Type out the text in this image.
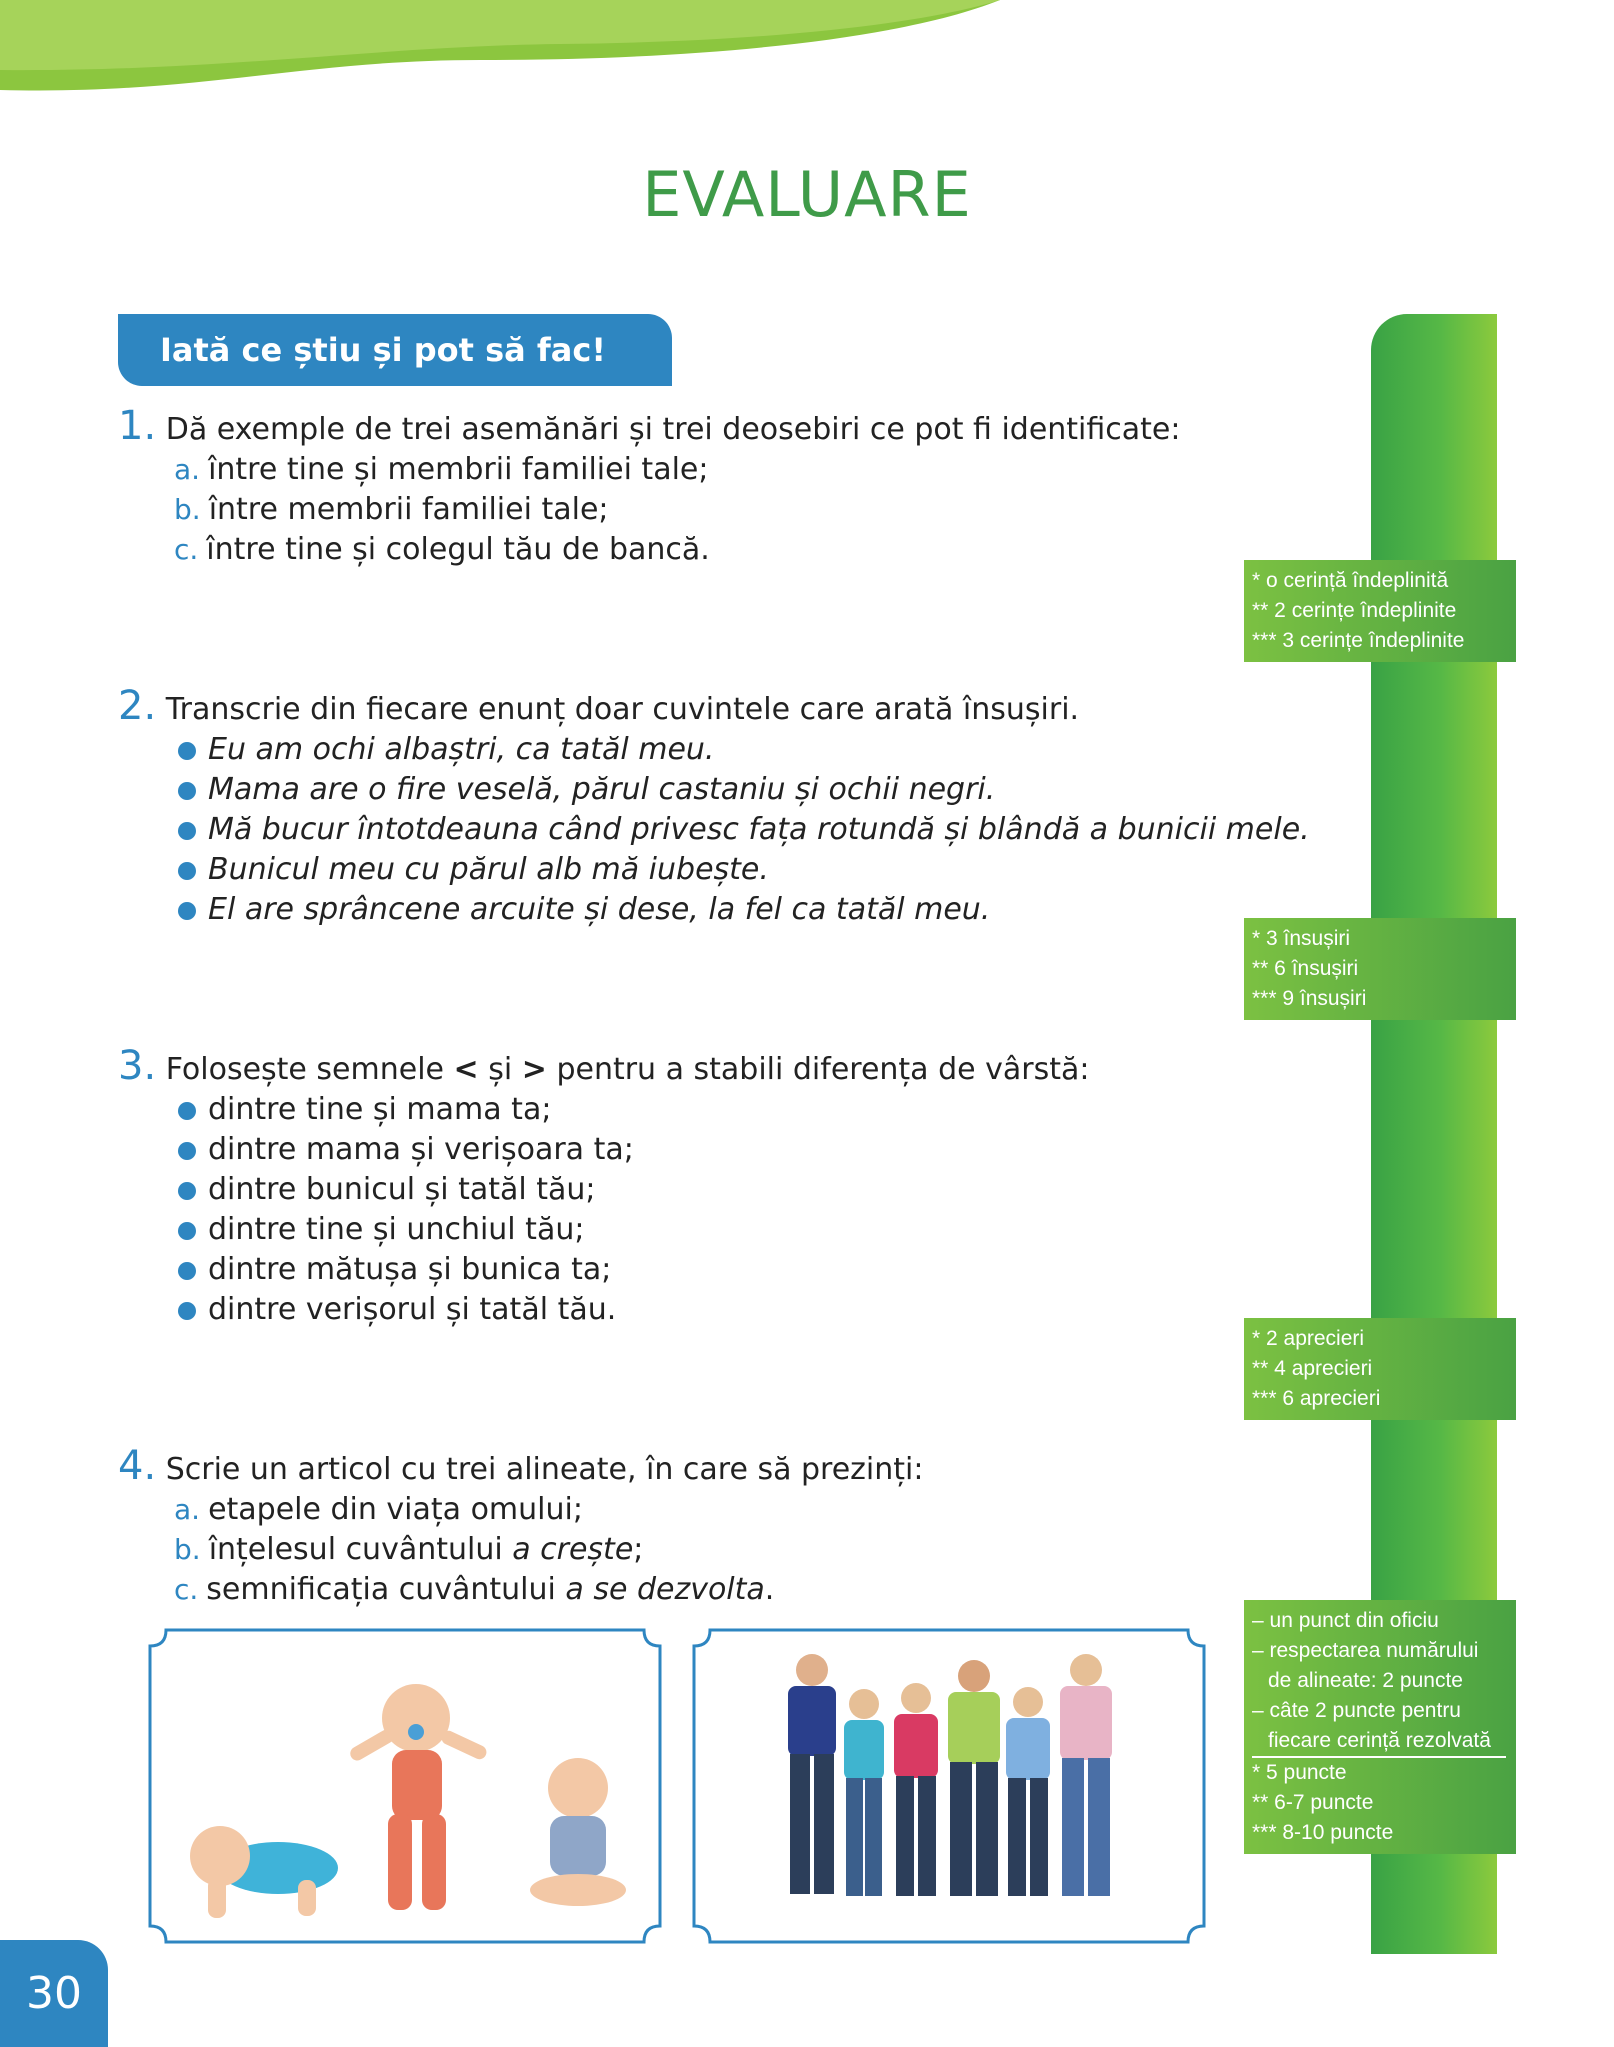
EVALUARE
Iată ce știu și pot să fac!
1. Dă exemple de trei asemănări și trei deosebiri ce pot fi identificate:
a. între tine și membrii familiei tale;
b. între membrii familiei tale;
c. între tine și colegul tău de bancă.
2. Transcrie din fiecare enunț doar cuvintele care arată însușiri.
Eu am ochi albaștri, ca tatăl meu.
Mama are o fire veselă, părul castaniu și ochii negri.
Mă bucur întotdeauna când privesc fața rotundă și blândă a bunicii mele.
Bunicul meu cu părul alb mă iubește.
El are sprâncene arcuite și dese, la fel ca tatăl meu.
3. Folosește semnele < și > pentru a stabili diferența de vârstă:
dintre tine și mama ta;
dintre mama și verișoara ta;
dintre bunicul și tatăl tău;
dintre tine și unchiul tău;
dintre mătușa și bunica ta;
dintre verișorul și tatăl tău.
4. Scrie un articol cu trei alineate, în care să prezinți:
a. etapele din viața omului;
b. înțelesul cuvântului a crește;
c. semnificația cuvântului a se dezvolta.
* o cerință îndeplinită
** 2 cerințe îndeplinite
*** 3 cerințe îndeplinite
* 3 însușiri
** 6 însușiri
*** 9 însușiri
* 2 aprecieri
** 4 aprecieri
*** 6 aprecieri
– un punct din oficiu
– respectarea numărului
de alineate: 2 puncte
– câte 2 puncte pentru
fiecare cerință rezolvată
* 5 puncte
** 6-7 puncte
*** 8-10 puncte
30
